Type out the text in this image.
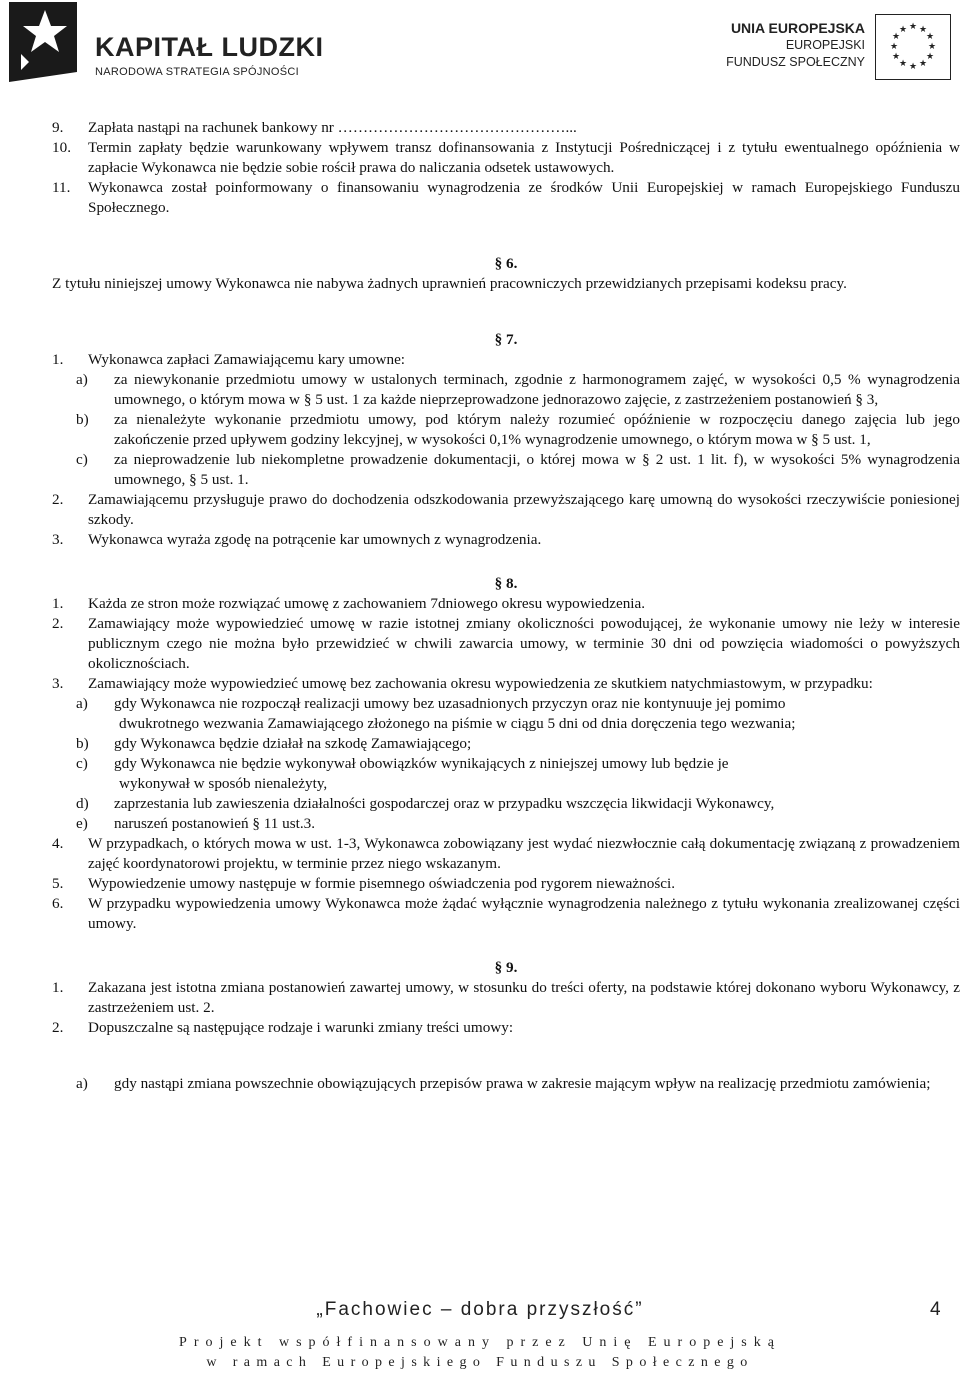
KAPITAŁ LUDZKI
NARODOWA STRATEGIA SPÓJNOŚCI
UNIA EUROPEJSKA
EUROPEJSKI
FUNDUSZ SPOŁECZNY
★ ★
★
★
★
★
★
★
★
★
★
★
9.	Zapłata nastąpi na rachunek bankowy nr ………………………………………...
10.	Termin zapłaty będzie warunkowany wpływem transz dofinansowania z Instytucji Pośredniczącej i z tytułu ewentualnego opóźnienia w zapłacie Wykonawca nie będzie sobie rościł prawa do naliczania odsetek ustawowych.
11.	Wykonawca został poinformowany o finansowaniu wynagrodzenia ze środków Unii Europejskiej w ramach Europejskiego Funduszu Społecznego.
§ 6.
Z tytułu niniejszej umowy Wykonawca nie nabywa żadnych uprawnień pracowniczych przewidzianych przepisami kodeksu pracy.
§ 7.
1.	Wykonawca zapłaci Zamawiającemu kary umowne:
a)	za niewykonanie przedmiotu umowy w ustalonych terminach, zgodnie z harmonogramem zajęć, w wysokości 0,5 % wynagrodzenia umownego, o którym mowa w § 5 ust. 1 za każde nieprzeprowadzone jednorazowo zajęcie, z zastrzeżeniem postanowień § 3,
b)	za nienależyte wykonanie przedmiotu umowy, pod którym należy rozumieć opóźnienie w rozpoczęciu danego zajęcia lub jego zakończenie przed upływem godziny lekcyjnej, w wysokości 0,1% wynagrodzenie umownego, o którym mowa w § 5 ust. 1,
c)	za nieprowadzenie lub niekompletne prowadzenie dokumentacji, o której mowa w § 2 ust. 1 lit. f), w wysokości 5% wynagrodzenia umownego, § 5 ust. 1.
2.	Zamawiającemu przysługuje prawo do dochodzenia odszkodowania przewyższającego karę umowną do wysokości rzeczywiście poniesionej szkody.
3.	Wykonawca wyraża zgodę na potrącenie kar umownych z wynagrodzenia.
§ 8.
1.	Każda ze stron może rozwiązać umowę z zachowaniem 7dniowego okresu wypowiedzenia.
2.	Zamawiający może wypowiedzieć umowę w razie istotnej zmiany okoliczności powodującej, że wykonanie umowy nie leży w interesie publicznym czego nie można było przewidzieć w chwili zawarcia umowy, w terminie 30 dni od powzięcia wiadomości o powyższych okolicznościach.
3.	Zamawiający może wypowiedzieć umowę bez zachowania okresu wypowiedzenia ze skutkiem natychmiastowym, w przypadku:
a)	gdy Wykonawca nie rozpoczął realizacji umowy bez uzasadnionych przyczyn oraz nie kontynuuje jej pomimo
dwukrotnego wezwania Zamawiającego złożonego na piśmie w ciągu 5 dni od dnia doręczenia tego wezwania;
b)	gdy Wykonawca będzie działał na szkodę Zamawiającego;
c)	gdy Wykonawca nie będzie wykonywał obowiązków wynikających z niniejszej umowy lub będzie je
wykonywał w sposób nienależyty,
d)	zaprzestania lub zawieszenia działalności gospodarczej oraz w przypadku wszczęcia likwidacji Wykonawcy,
e)	naruszeń postanowień § 11 ust.3.
4.	W przypadkach, o których mowa w ust. 1-3, Wykonawca zobowiązany jest wydać niezwłocznie całą dokumentację związaną z prowadzeniem zajęć koordynatorowi projektu, w terminie przez niego wskazanym.
5.	Wypowiedzenie umowy następuje w formie pisemnego oświadczenia pod rygorem nieważności.
6.	W przypadku wypowiedzenia umowy Wykonawca może żądać wyłącznie wynagrodzenia należnego z tytułu wykonania zrealizowanej części umowy.
§ 9.
1.	Zakazana jest istotna zmiana postanowień zawartej umowy, w stosunku do treści oferty, na podstawie której dokonano wyboru Wykonawcy, z zastrzeżeniem ust. 2.
2.	Dopuszczalne są następujące rodzaje i warunki zmiany treści umowy:
a)	gdy nastąpi zmiana powszechnie obowiązujących przepisów prawa w zakresie mającym wpływ na realizację przedmiotu zamówienia;
„Fachowiec – dobra przyszłość”	4
Projekt współfinansowany przez Unię Europejską
w ramach Europejskiego Funduszu Społecznego
